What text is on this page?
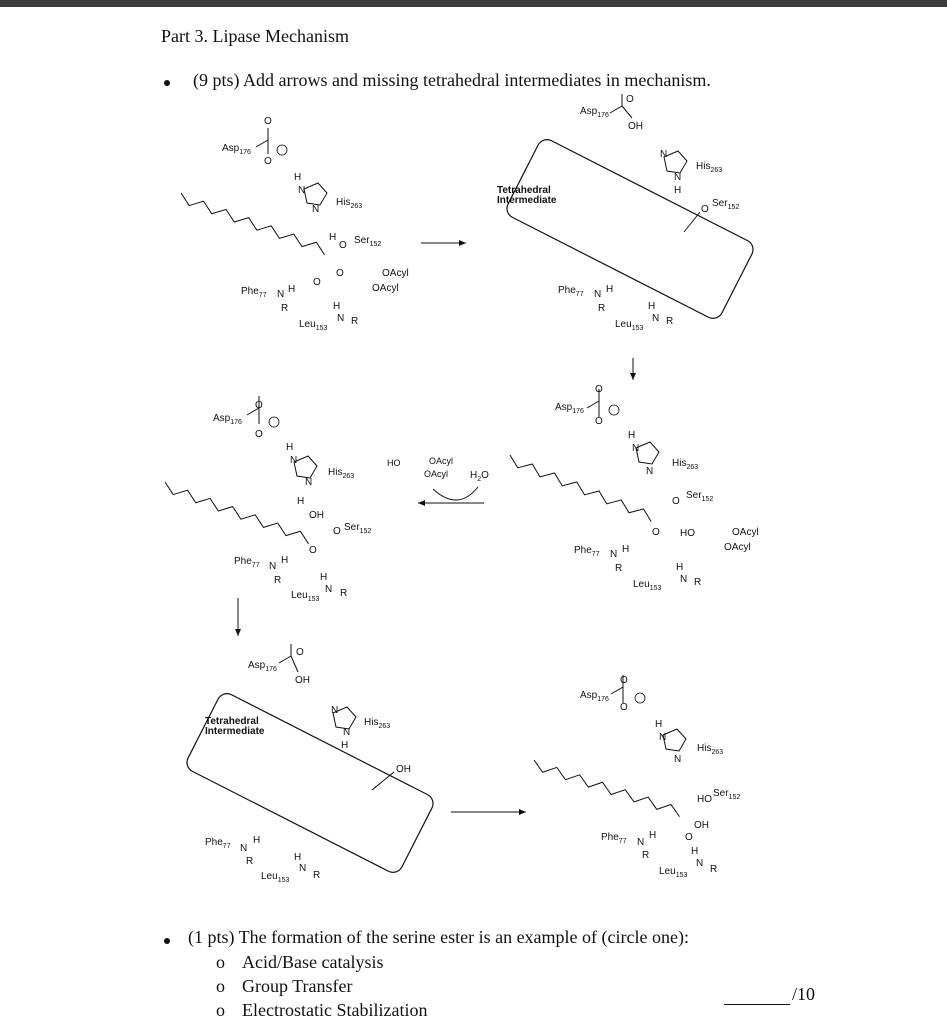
Part 3. Lipase Mechanism
(9 pts) Add arrows and missing tetrahedral intermediates in mechanism.
Asp$_{176}$
O
O
H
N
N
His$_{263}$
H
O Ser$_{152}$
O
O	OAcyl
OAcyl
Phe$_{77}$ N H
R	H
N R
Leu$_{153}$
Asp$_{176}$
O
OH
N
N
H
His$_{263}$
O
Ser$_{152}$
Tetrahedral
Intermediate
Phe$_{77}$ N H
R	H
N R
Leu$_{153}$
Asp$_{176}$
O
O
H
N
N
His$_{263}$
O
Ser$_{152}$
O HO	OAcyl
OAcyl
Phe$_{77}$ N H
R	H
N R
Leu$_{153}$
HO	OAcyl
OAcyl $H_2O$
Asp$_{176}$
O
O
H
N
N
His$_{263}$
H
OH
O Ser$_{152}$
O
Phe$_{77}$ N
H
R	H
N R
Leu$_{153}$
Asp$_{176}$
O
OH
N
N
H
His$_{263}$
OH
Tetrahedral
Intermediate
Phe$_{77}$ N
H
R	H
N
R
Leu$_{153}$
Asp$_{176}$
O
O
H
N
N
His$_{263}$
HO
Ser$_{152}$
OH
O
Phe$_{77}$ N
H
R	H
N
R
Leu$_{153}$
(1 pts) The formation of the serine ester is an example of (circle one):
o Acid/Base catalysis
o Group Transfer
o Electrostatic Stabilization
/10
